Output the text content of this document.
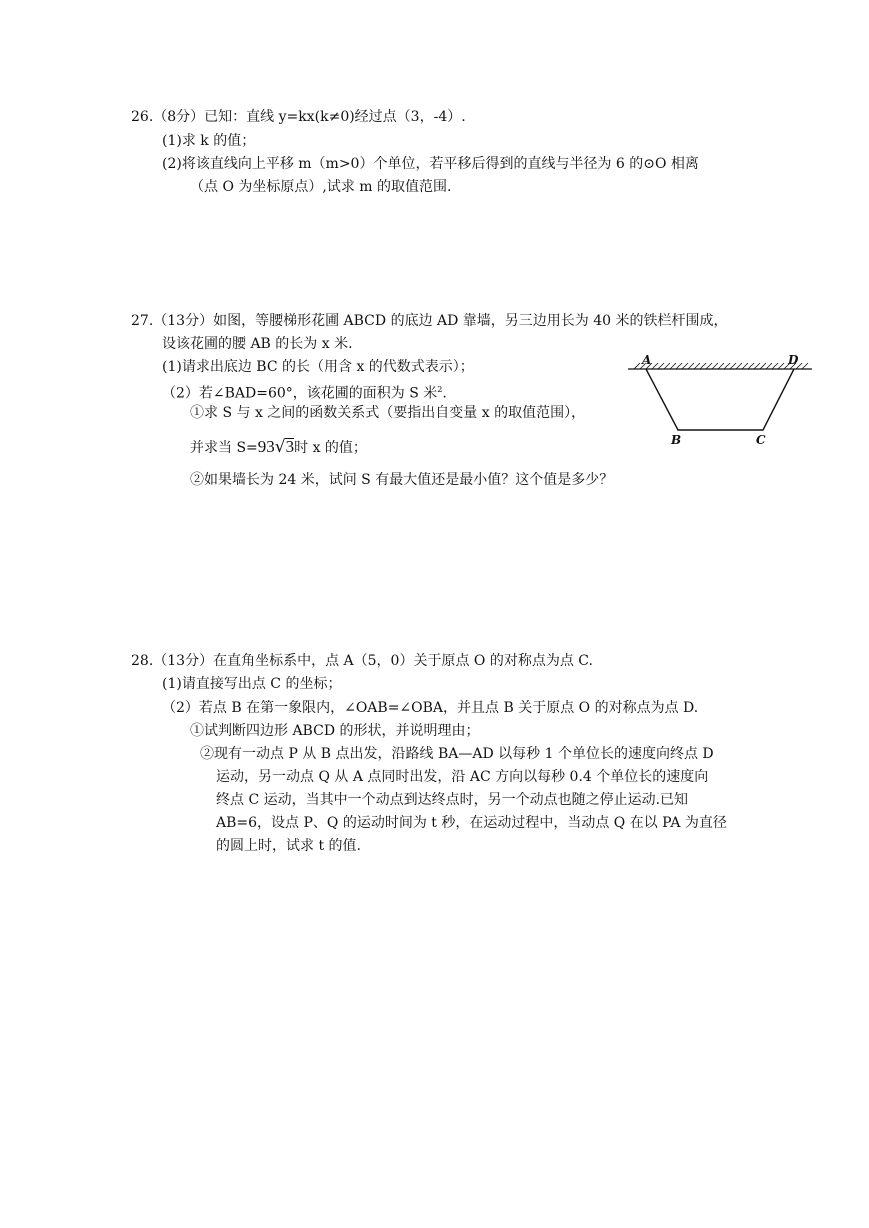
26.（8分）已知：直线 y=kx(k≠0)经过点（3，-4）.
(1)求 k 的值；
(2)将该直线向上平移 m（m>0）个单位，若平移后得到的直线与半径为 6 的⊙O 相离
（点 O 为坐标原点）,试求 m 的取值范围.
27.（13分）如图，等腰梯形花圃 ABCD 的底边 AD 靠墙，另三边用长为 40 米的铁栏杆围成，
设该花圃的腰 AB 的长为 x 米.
(1)请求出底边 BC 的长（用含 x 的代数式表示）；
（2）若∠BAD=60°，该花圃的面积为 S 米$^2$.
①求 S 与 x 之间的函数关系式（要指出自变量 x 的取值范围），
并求当 S=93√3时 x 的值；
②如果墙长为 24 米，试问 S 有最大值还是最小值？这个值是多少？
A	D
B	C
28.（13分）在直角坐标系中，点 A（5，0）关于原点 O 的对称点为点 C.
(1)请直接写出点 C 的坐标；
（2）若点 B 在第一象限内，∠OAB=∠OBA，并且点 B 关于原点 O 的对称点为点 D.
①试判断四边形 ABCD 的形状，并说明理由；
②现有一动点 P 从 B 点出发，沿路线 BA—AD 以每秒 1 个单位长的速度向终点 D
运动，另一动点 Q 从 A 点同时出发，沿 AC 方向以每秒 0.4 个单位长的速度向
终点 C 运动，当其中一个动点到达终点时，另一个动点也随之停止运动.已知
AB=6，设点 P、Q 的运动时间为 t 秒，在运动过程中，当动点 Q 在以 PA 为直径
的圆上时，试求 t 的值.
